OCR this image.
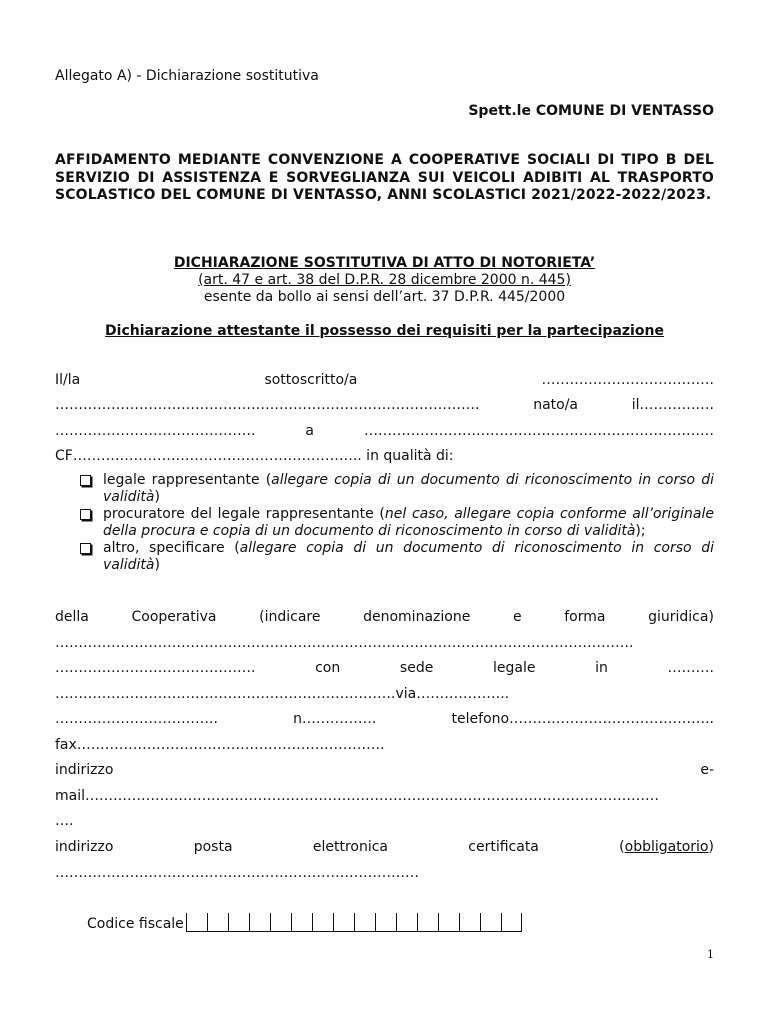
Allegato A) - Dichiarazione sostitutiva
Spett.le COMUNE DI VENTASSO
AFFIDAMENTO MEDIANTE CONVENZIONE A COOPERATIVE SOCIALI DI TIPO B DEL SERVIZIO DI ASSISTENZA E SORVEGLIANZA SUI VEICOLI ADIBITI AL TRASPORTO SCOLASTICO DEL COMUNE DI VENTASSO, ANNI SCOLASTICI 2021/2022-2022/2023.
DICHIARAZIONE SOSTITUTIVA DI ATTO DI NOTORIETA’
(art. 47 e art. 38 del D.P.R. 28 dicembre 2000 n. 445)
esente da bollo ai sensi dell’art. 37 D.P.R. 445/2000
Dichiarazione attestante il possesso dei requisiti per la partecipazione
Il/la	sottoscritto/a	……………………………….
……………………………………………………………………………….	nato/a	il…………….
…………………………………….	a	…………………………………………………………………
CF…………………………………………………….. in qualità di:
legale rappresentante (allegare copia di un documento di riconoscimento in corso di validità)
procuratore del legale rappresentante (nel caso, allegare copia conforme all’originale della procura e copia di un documento di riconoscimento in corso di validità);
altro, specificare (allegare copia di un documento di riconoscimento in corso di validità)
della	Cooperativa	(indicare	denominazione	e	forma	giuridica)
…………………………………………………………………………………………………………….
…………………………………….	con	sede	legale	in	……….
……………………………………………………………….via………………..
……………………………..	n…………….	telefono……………………………………..
fax…………………………………………………………
indirizzo	e-
mail……………………………………………………………………………………………………………
….
indirizzo	posta	elettronica	certificata	(obbligatorio)
……………………………………………………………………
Codice fiscale
1
